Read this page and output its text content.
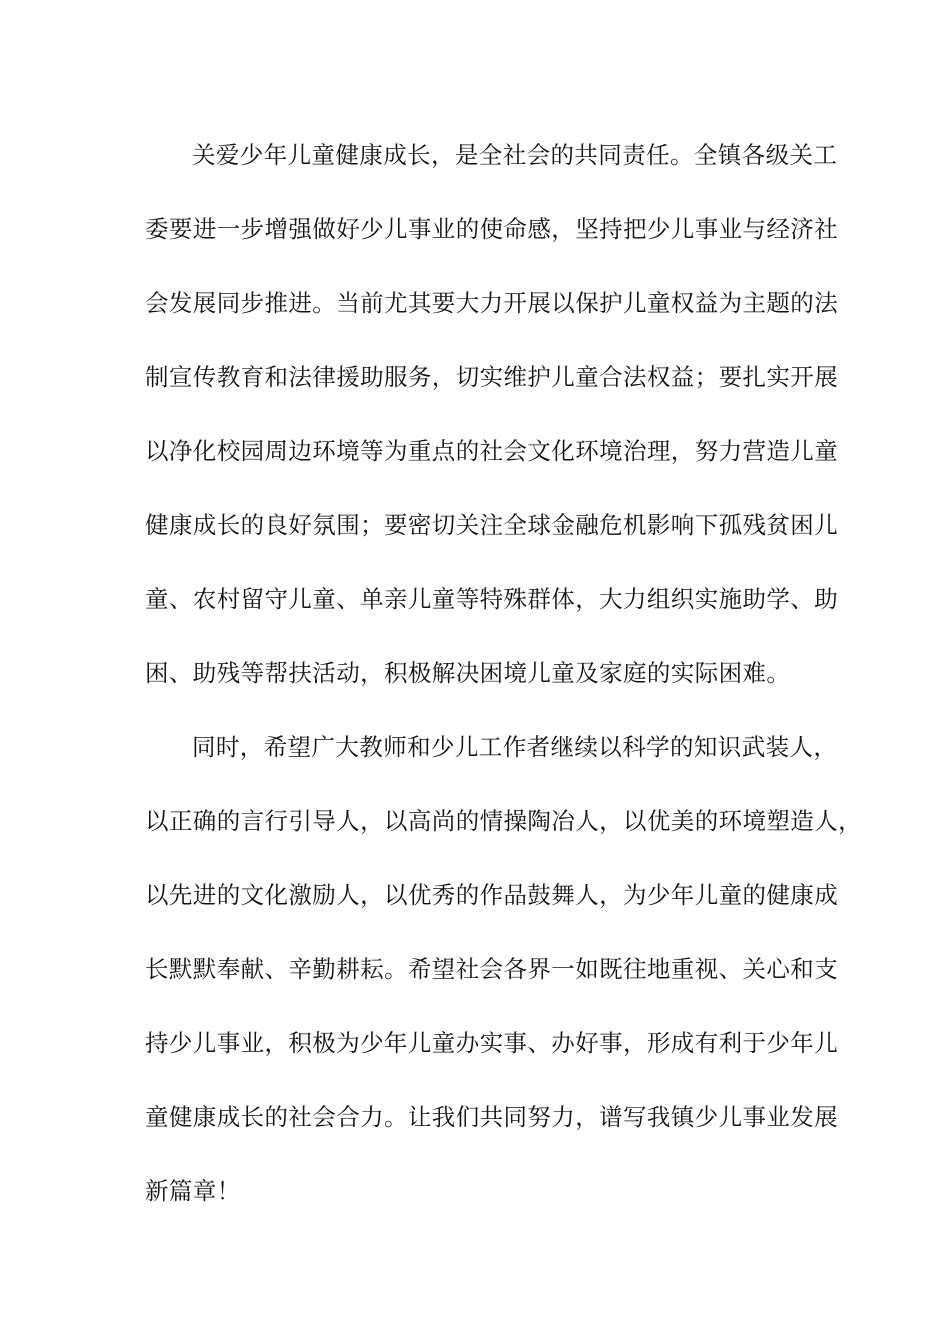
关爱少年儿童健康成长，是全社会的共同责任。全镇各级关工
委要进一步增强做好少儿事业的使命感，坚持把少儿事业与经济社
会发展同步推进。当前尤其要大力开展以保护儿童权益为主题的法
制宣传教育和法律援助服务，切实维护儿童合法权益；要扎实开展
以净化校园周边环境等为重点的社会文化环境治理，努力营造儿童
健康成长的良好氛围；要密切关注全球金融危机影响下孤残贫困儿
童、农村留守儿童、单亲儿童等特殊群体，大力组织实施助学、助
困、助残等帮扶活动，积极解决困境儿童及家庭的实际困难。
同时，希望广大教师和少儿工作者继续以科学的知识武装人，
以正确的言行引导人，以高尚的情操陶冶人，以优美的环境塑造人，
以先进的文化激励人，以优秀的作品鼓舞人，为少年儿童的健康成
长默默奉献、辛勤耕耘。希望社会各界一如既往地重视、关心和支
持少儿事业，积极为少年儿童办实事、办好事，形成有利于少年儿
童健康成长的社会合力。让我们共同努力，谱写我镇少儿事业发展
新篇章！
